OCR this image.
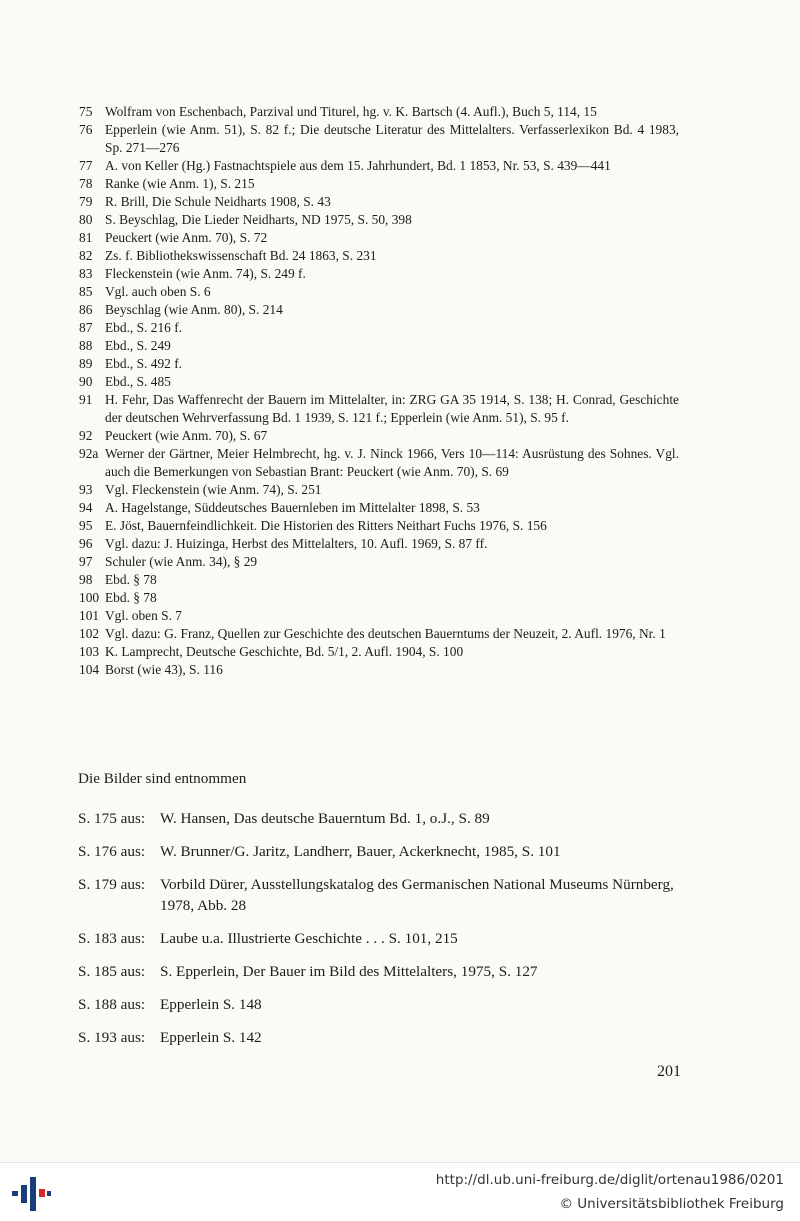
75 Wolfram von Eschenbach, Parzival und Titurel, hg. v. K. Bartsch (4. Aufl.), Buch 5, 114, 15
76 Epperlein (wie Anm. 51), S. 82 f.; Die deutsche Literatur des Mittelalters. Verfasserlexikon Bd. 4 1983, Sp. 271—276
77 A. von Keller (Hg.) Fastnachtspiele aus dem 15. Jahrhundert, Bd. 1 1853, Nr. 53, S. 439—441
78 Ranke (wie Anm. 1), S. 215
79 R. Brill, Die Schule Neidharts 1908, S. 43
80 S. Beyschlag, Die Lieder Neidharts, ND 1975, S. 50, 398
81 Peuckert (wie Anm. 70), S. 72
82 Zs. f. Bibliothekswissenschaft Bd. 24 1863, S. 231
83 Fleckenstein (wie Anm. 74), S. 249 f.
85 Vgl. auch oben S. 6
86 Beyschlag (wie Anm. 80), S. 214
87 Ebd., S. 216 f.
88 Ebd., S. 249
89 Ebd., S. 492 f.
90 Ebd., S. 485
91 H. Fehr, Das Waffenrecht der Bauern im Mittelalter, in: ZRG GA 35 1914, S. 138; H. Conrad, Geschichte der deutschen Wehrverfassung Bd. 1 1939, S. 121 f.; Epperlein (wie Anm. 51), S. 95 f.
92 Peuckert (wie Anm. 70), S. 67
92a Werner der Gärtner, Meier Helmbrecht, hg. v. J. Ninck 1966, Vers 10—114: Ausrüstung des Sohnes. Vgl. auch die Bemerkungen von Sebastian Brant: Peuckert (wie Anm. 70), S. 69
93 Vgl. Fleckenstein (wie Anm. 74), S. 251
94 A. Hagelstange, Süddeutsches Bauernleben im Mittelalter 1898, S. 53
95 E. Jöst, Bauernfeindlichkeit. Die Historien des Ritters Neithart Fuchs 1976, S. 156
96 Vgl. dazu: J. Huizinga, Herbst des Mittelalters, 10. Aufl. 1969, S. 87 ff.
97 Schuler (wie Anm. 34), § 29
98 Ebd. § 78
100 Ebd. § 78
101 Vgl. oben S. 7
102 Vgl. dazu: G. Franz, Quellen zur Geschichte des deutschen Bauerntums der Neuzeit, 2. Aufl. 1976, Nr. 1
103 K. Lamprecht, Deutsche Geschichte, Bd. 5/1, 2. Aufl. 1904, S. 100
104 Borst (wie 43), S. 116
Die Bilder sind entnommen
S. 175 aus: W. Hansen, Das deutsche Bauerntum Bd. 1, o.J., S. 89
S. 176 aus: W. Brunner/G. Jaritz, Landherr, Bauer, Ackerknecht, 1985, S. 101
S. 179 aus: Vorbild Dürer, Ausstellungskatalog des Germanischen National Museums Nürnberg, 1978, Abb. 28
S. 183 aus: Laube u.a. Illustrierte Geschichte . . . S. 101, 215
S. 185 aus: S. Epperlein, Der Bauer im Bild des Mittelalters, 1975, S. 127
S. 188 aus: Epperlein S. 148
S. 193 aus: Epperlein S. 142
201
http://dl.ub.uni-freiburg.de/diglit/ortenau1986/0201
© Universitätsbibliothek Freiburg
